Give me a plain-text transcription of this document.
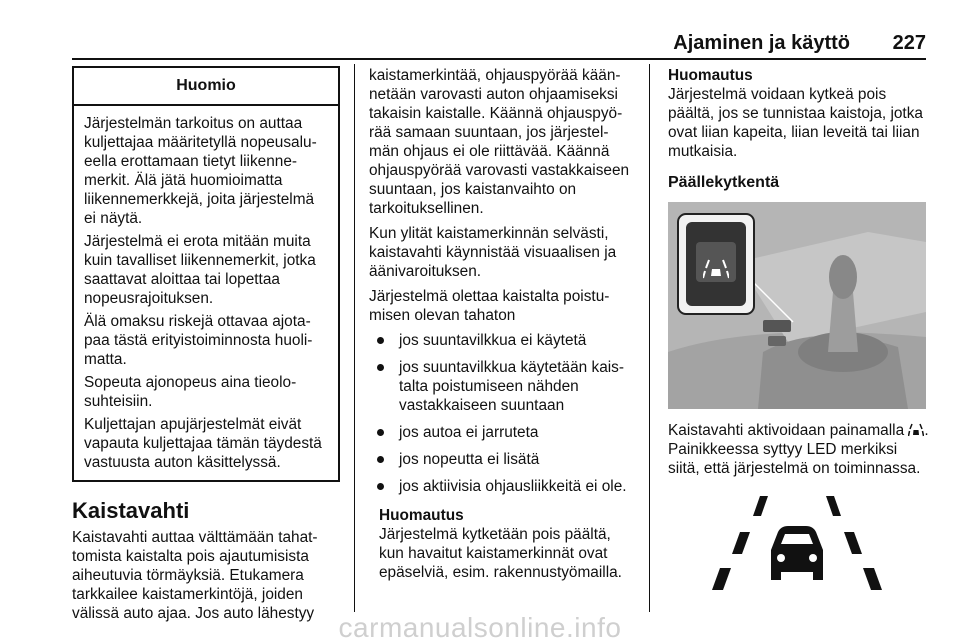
Ajaminen ja käyttö 227
Huomio

Järjestelmän tarkoitus on auttaa kuljettajaa määritetyllä nopeusalueella erottamaan tietyt liikennemerkit. Älä jätä huomioimatta liikennemerkkejä, joita järjestelmä ei näytä.

Järjestelmä ei erota mitään muita kuin tavalliset liikennemerkit, jotka saattavat aloittaa tai lopettaa nopeusrajoituksen.

Älä omaksu riskejä ottavaa ajotapaa tästä erityistoiminnosta huolimatta.

Sopeuta ajonopeus aina tieolosuhteisiin.

Kuljettajan apujärjestelmät eivät vapauta kuljettajaa tämän täydestä vastuusta auton käsittelyssä.

Kaistavahti

Kaistavahti auttaa välttämään tahattomista kaistalta pois ajautumisista aiheutuvia törmäyksiä. Etukamera tarkkailee kaistamerkintöjä, joiden välissä auto ajaa. Jos auto lähestyy

kaistamerkintää, ohjauspyörää käännetään varovasti auton ohjaamiseksi takaisin kaistalle. Käännä ohjauspyörää samaan suuntaan, jos järjestelmän ohjaus ei ole riittävää. Käännä ohjauspyörää varovasti vastakkaiseen suuntaan, jos kaistanvaihto on tarkoituksellinen.

Kun ylität kaistamerkinnän selvästi, kaistavahti käynnistää visuaalisen ja äänivaroituksen.

Järjestelmä olettaa kaistalta poistumisen olevan tahaton

jos suuntavilkkua ei käytetä
jos suuntavilkkua käytetään kaistalta poistumiseen nähden vastakkaiseen suuntaan
jos autoa ei jarruteta
jos nopeutta ei lisätä
jos aktiivisia ohjausliikkeitä ei ole.
Huomautus
Järjestelmä kytketään pois päältä, kun havaitut kaistamerkinnät ovat epäselviä, esim. rakennustyömailla.
Huomautus
Järjestelmä voidaan kytkeä pois päältä, jos se tunnistaa kaistoja, jotka ovat liian kapeita, liian leveitä tai liian mutkaisia.
Päällekytkentä

Kaistavahti aktivoidaan painamalla . Painikkeessa syttyy LED merkiksi siitä, että järjestelmä on toiminnassa.

carmanualsonline.info
